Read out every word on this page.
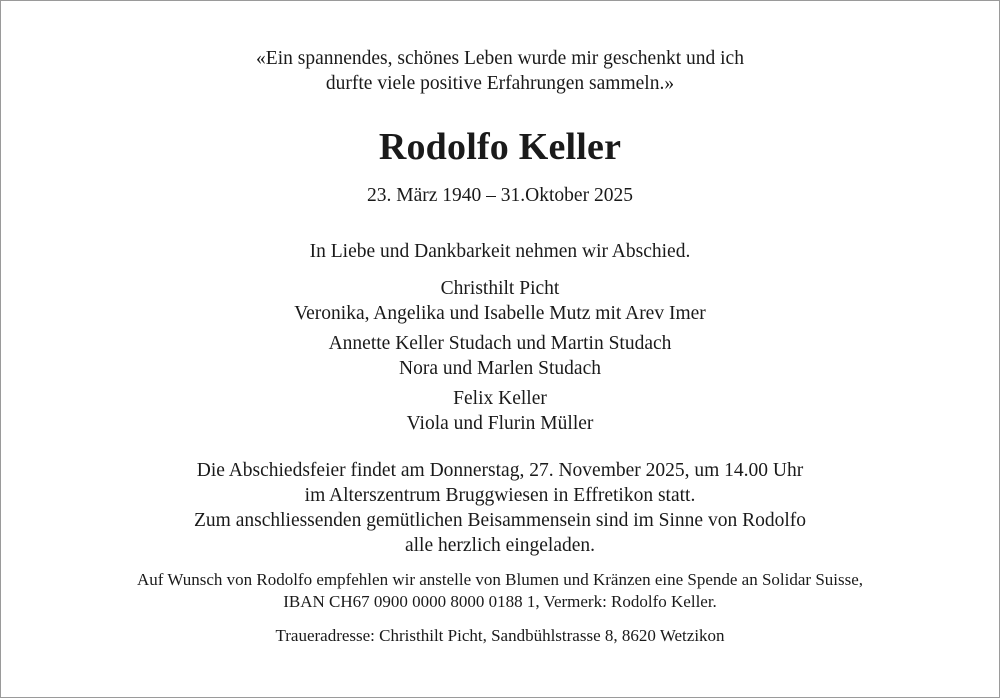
«Ein spannendes, schönes Leben wurde mir geschenkt und ich
durfte viele positive Erfahrungen sammeln.»
Rodolfo Keller
23. März 1940 – 31.Oktober 2025
In Liebe und Dankbarkeit nehmen wir Abschied.
Christhilt Picht
Veronika, Angelika und Isabelle Mutz mit Arev Imer
Annette Keller Studach und Martin Studach
Nora und Marlen Studach
Felix Keller
Viola und Flurin Müller
Die Abschiedsfeier findet am Donnerstag, 27. November 2025, um 14.00 Uhr
im Alterszentrum Bruggwiesen in Effretikon statt.
Zum anschliessenden gemütlichen Beisammensein sind im Sinne von Rodolfo
alle herzlich eingeladen.
Auf Wunsch von Rodolfo empfehlen wir anstelle von Blumen und Kränzen eine Spende an Solidar Suisse,
IBAN CH67 0900 0000 8000 0188 1, Vermerk: Rodolfo Keller.
Traueradresse: Christhilt Picht, Sandbühlstrasse 8, 8620 Wetzikon
